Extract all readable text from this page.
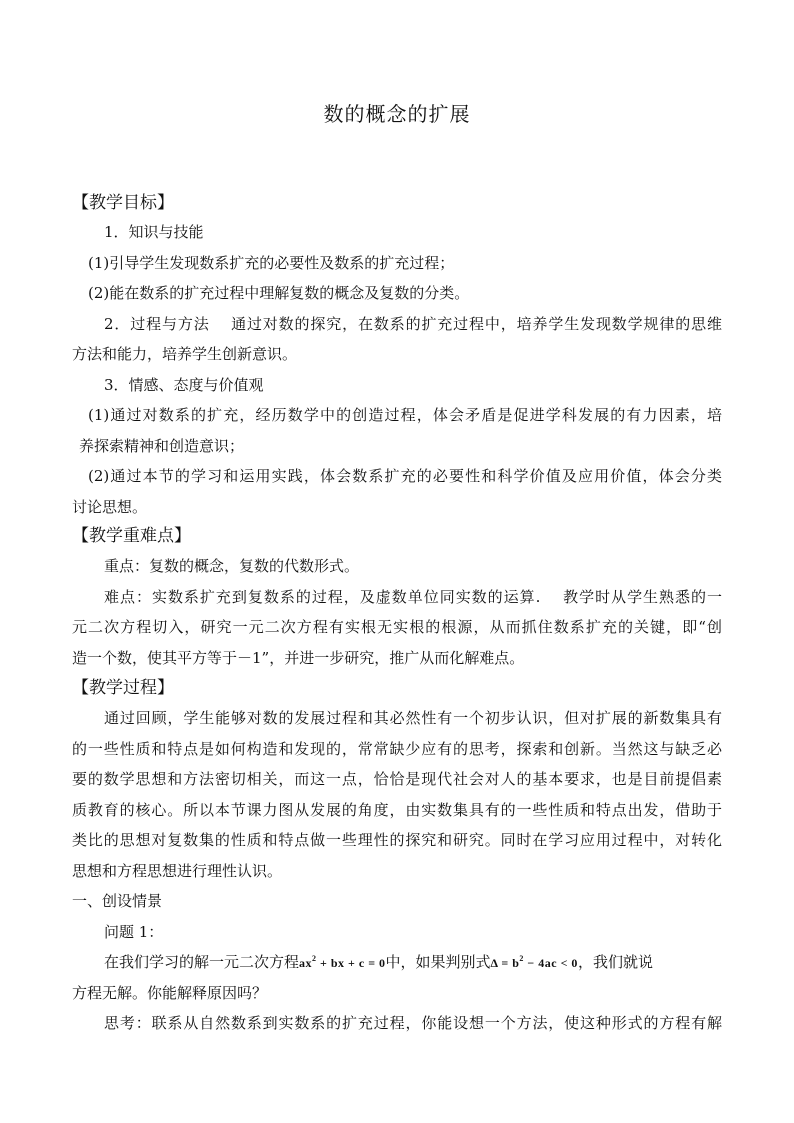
数的概念的扩展
【教学目标】
1．知识与技能
(1)引导学生发现数系扩充的必要性及数系的扩充过程；
(2)能在数系的扩充过程中理解复数的概念及复数的分类。
2．过程与方法　 通过对数的探究，在数系的扩充过程中，培养学生发现数学规律的思维
方法和能力，培养学生创新意识。
3．情感、态度与价值观
(1)通过对数系的扩充，经历数学中的创造过程，体会矛盾是促进学科发展的有力因素，培
养探索精神和创造意识；
(2)通过本节的学习和运用实践，体会数系扩充的必要性和科学价值及应用价值，体会分类
讨论思想。
【教学重难点】
重点：复数的概念，复数的代数形式。
难点：实数系扩充到复数系的过程，及虚数单位同实数的运算.　 教学时从学生熟悉的一
元二次方程切入，研究一元二次方程有实根无实根的根源，从而抓住数系扩充的关键，即“创
造一个数，使其平方等于－1”，并进一步研究，推广从而化解难点。
【教学过程】
通过回顾，学生能够对数的发展过程和其必然性有一个初步认识，但对扩展的新数集具有
的一些性质和特点是如何构造和发现的，常常缺少应有的思考，探索和创新。当然这与缺乏必
要的数学思想和方法密切相关，而这一点，恰恰是现代社会对人的基本要求，也是目前提倡素
质教育的核心。所以本节课力图从发展的角度，由实数集具有的一些性质和特点出发，借助于
类比的思想对复数集的性质和特点做一些理性的探究和研究。同时在学习应用过程中，对转化
思想和方程思想进行理性认识。
一、创设情景
问题 1：
在我们学习的解一元二次方程$ax^2$ + bx + c = 0中，如果判别式$\Delta = b^2 - 4ac < 0$，我们就说
方程无解。你能解释原因吗？
思考：联系从自然数系到实数系的扩充过程，你能设想一个方法，使这种形式的方程有解
